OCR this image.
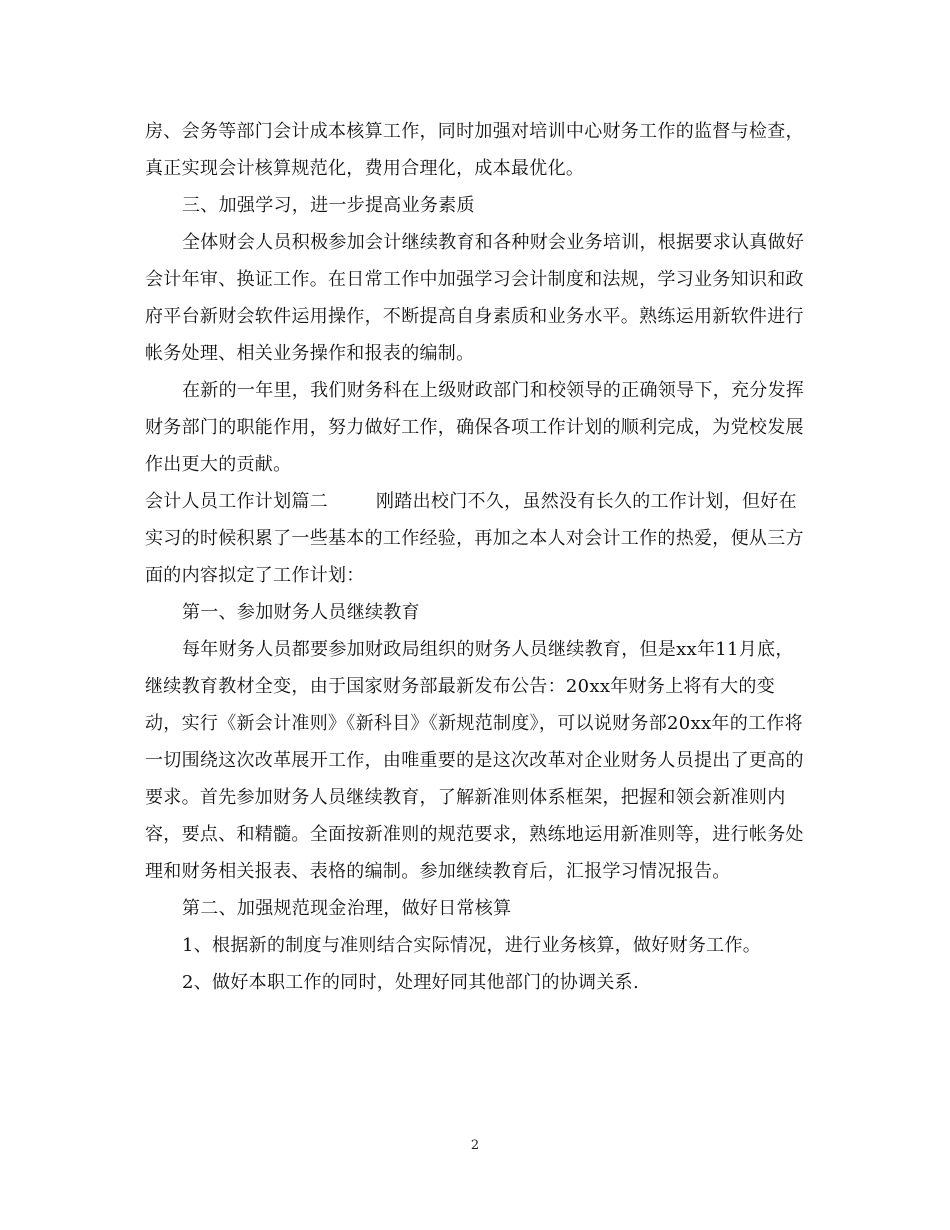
房、会务等部门会计成本核算工作，同时加强对培训中心财务工作的监督与检查，真正实现会计核算规范化，费用合理化，成本最优化。

三、加强学习，进一步提高业务素质

全体财会人员积极参加会计继续教育和各种财会业务培训，根据要求认真做好会计年审、换证工作。在日常工作中加强学习会计制度和法规，学习业务知识和政府平台新财会软件运用操作，不断提高自身素质和业务水平。熟练运用新软件进行帐务处理、相关业务操作和报表的编制。

在新的一年里，我们财务科在上级财政部门和校领导的正确领导下，充分发挥财务部门的职能作用，努力做好工作，确保各项工作计划的顺利完成，为党校发展作出更大的贡献。

会计人员工作计划篇二	刚踏出校门不久，虽然没有长久的工作计划，但好在实习的时候积累了一些基本的工作经验，再加之本人对会计工作的热爱，便从三方面的内容拟定了工作计划：

第一、参加财务人员继续教育

每年财务人员都要参加财政局组织的财务人员继续教育，但是xx年11月底，继续教育教材全变，由于国家财务部最新发布公告：20xx年财务上将有大的变动，实行《新会计准则》《新科目》《新规范制度》，可以说财务部20xx年的工作将一切围绕这次改革展开工作，由唯重要的是这次改革对企业财务人员提出了更高的要求。首先参加财务人员继续教育，了解新准则体系框架，把握和领会新准则内容，要点、和精髓。全面按新准则的规范要求，熟练地运用新准则等，进行帐务处理和财务相关报表、表格的编制。参加继续教育后，汇报学习情况报告。

第二、加强规范现金治理，做好日常核算

1、根据新的制度与准则结合实际情况，进行业务核算，做好财务工作。

2、做好本职工作的同时，处理好同其他部门的协调关系.

2
